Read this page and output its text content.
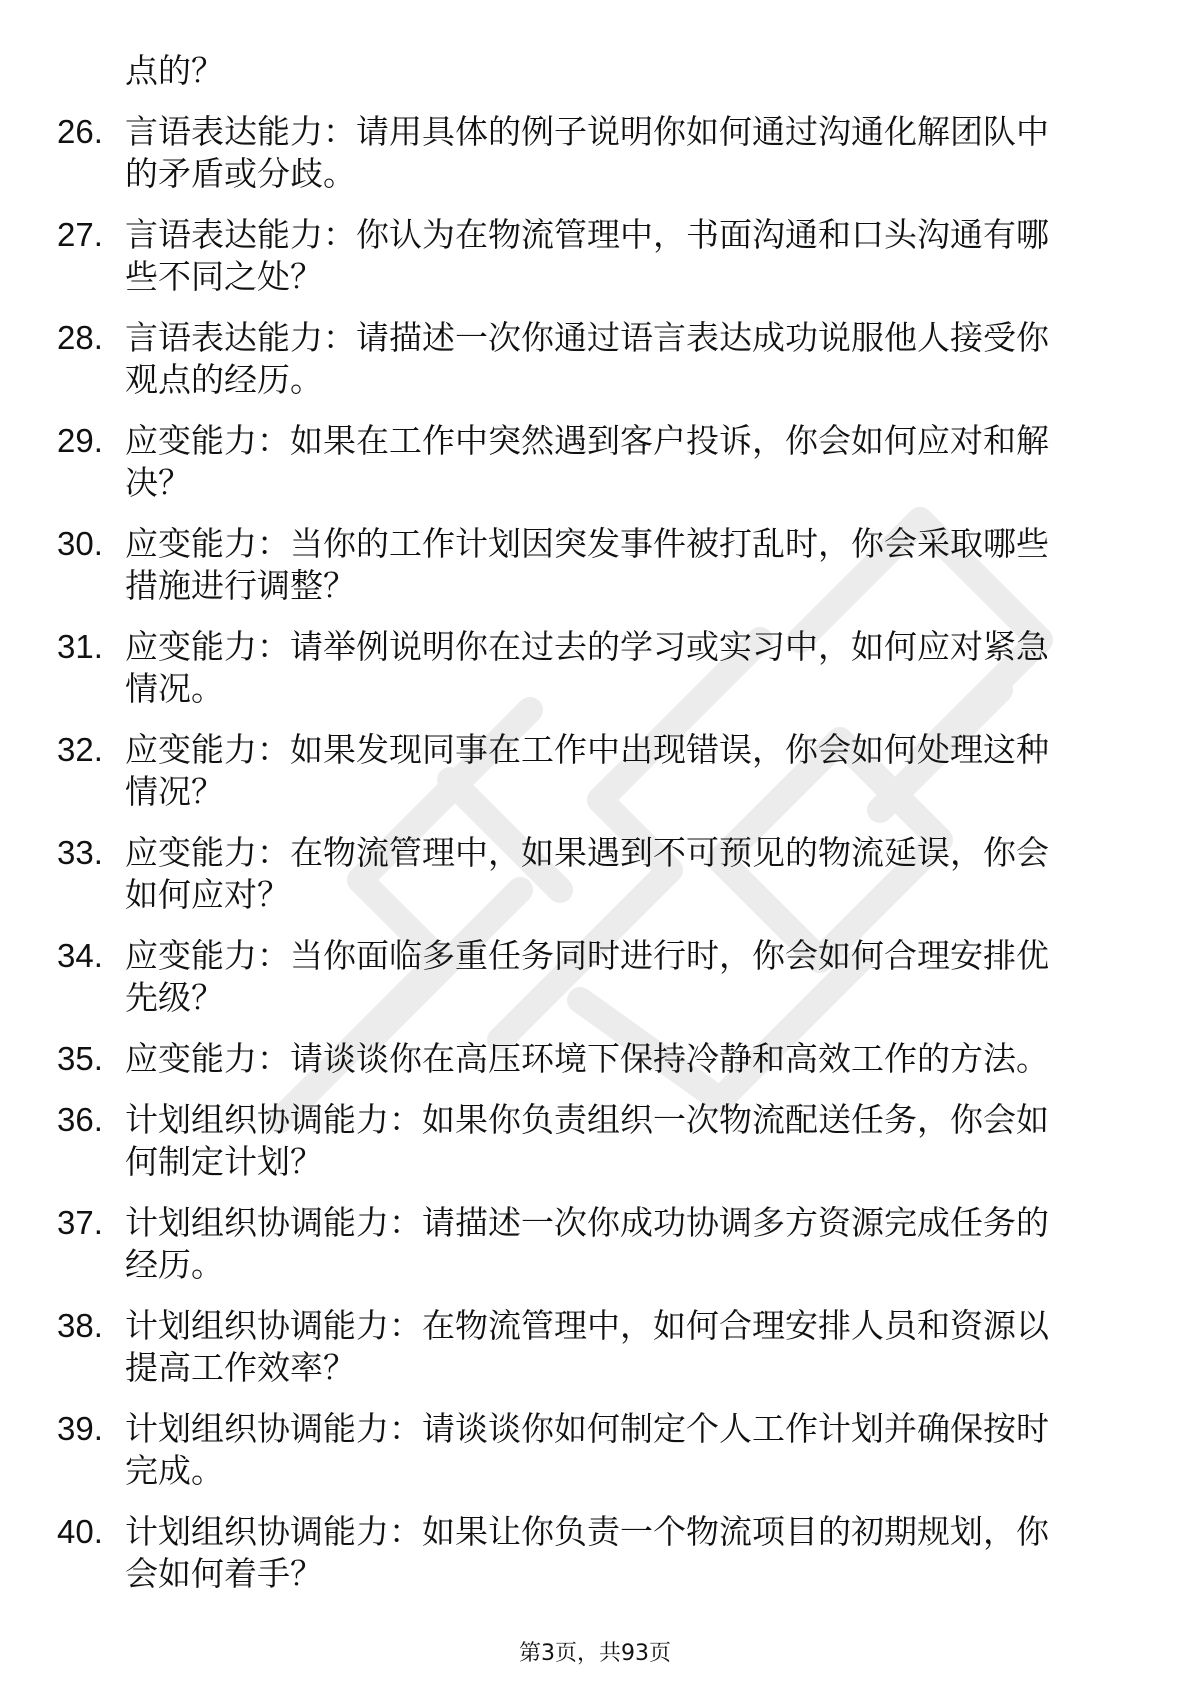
点的？
26. 言语表达能力：请用具体的例子说明你如何通过沟通化解团队中
的矛盾或分歧。
27. 言语表达能力：你认为在物流管理中，书面沟通和口头沟通有哪
些不同之处？
28. 言语表达能力：请描述一次你通过语言表达成功说服他人接受你
观点的经历。
29. 应变能力：如果在工作中突然遇到客户投诉，你会如何应对和解
决？
30. 应变能力：当你的工作计划因突发事件被打乱时，你会采取哪些
措施进行调整？
31. 应变能力：请举例说明你在过去的学习或实习中，如何应对紧急
情况。
32. 应变能力：如果发现同事在工作中出现错误，你会如何处理这种
情况？
33. 应变能力：在物流管理中，如果遇到不可预见的物流延误，你会
如何应对？
34. 应变能力：当你面临多重任务同时进行时，你会如何合理安排优
先级？
35. 应变能力：请谈谈你在高压环境下保持冷静和高效工作的方法。
36. 计划组织协调能力：如果你负责组织一次物流配送任务，你会如
何制定计划？
37. 计划组织协调能力：请描述一次你成功协调多方资源完成任务的
经历。
38. 计划组织协调能力：在物流管理中，如何合理安排人员和资源以
提高工作效率？
39. 计划组织协调能力：请谈谈你如何制定个人工作计划并确保按时
完成。
40. 计划组织协调能力：如果让你负责一个物流项目的初期规划，你
会如何着手？
第3页，共93页
